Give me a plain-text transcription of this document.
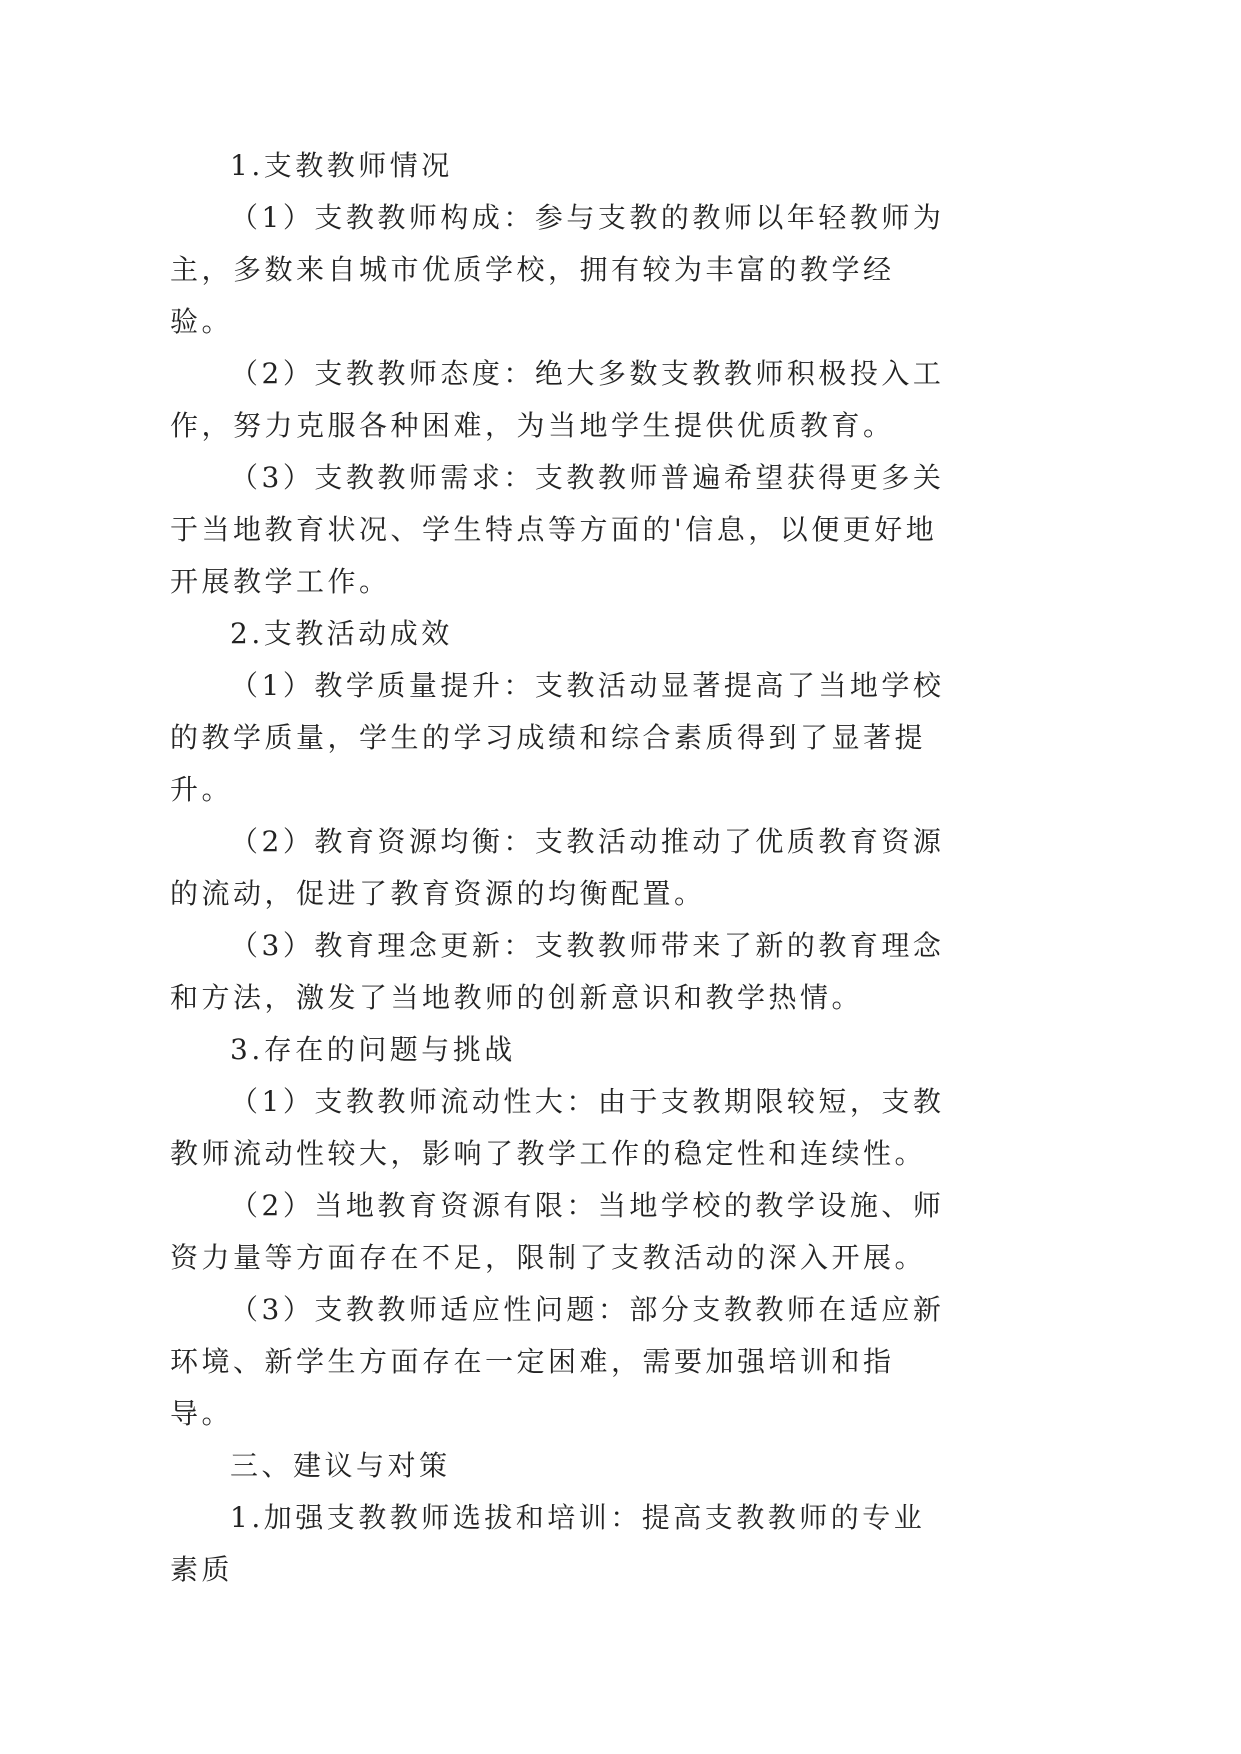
1.支教教师情况

（1）支教教师构成：参与支教的教师以年轻教师为主，多数来自城市优质学校，拥有较为丰富的教学经验。

（2）支教教师态度：绝大多数支教教师积极投入工作，努力克服各种困难，为当地学生提供优质教育。

（3）支教教师需求：支教教师普遍希望获得更多关于当地教育状况、学生特点等方面的'信息，以便更好地开展教学工作。

2.支教活动成效

（1）教学质量提升：支教活动显著提高了当地学校的教学质量，学生的学习成绩和综合素质得到了显著提升。

（2）教育资源均衡：支教活动推动了优质教育资源的流动，促进了教育资源的均衡配置。

（3）教育理念更新：支教教师带来了新的教育理念和方法，激发了当地教师的创新意识和教学热情。

3.存在的问题与挑战

（1）支教教师流动性大：由于支教期限较短，支教教师流动性较大，影响了教学工作的稳定性和连续性。

（2）当地教育资源有限：当地学校的教学设施、师资力量等方面存在不足，限制了支教活动的深入开展。

（3）支教教师适应性问题：部分支教教师在适应新环境、新学生方面存在一定困难，需要加强培训和指导。

三、建议与对策

1.加强支教教师选拔和培训：提高支教教师的专业素质
